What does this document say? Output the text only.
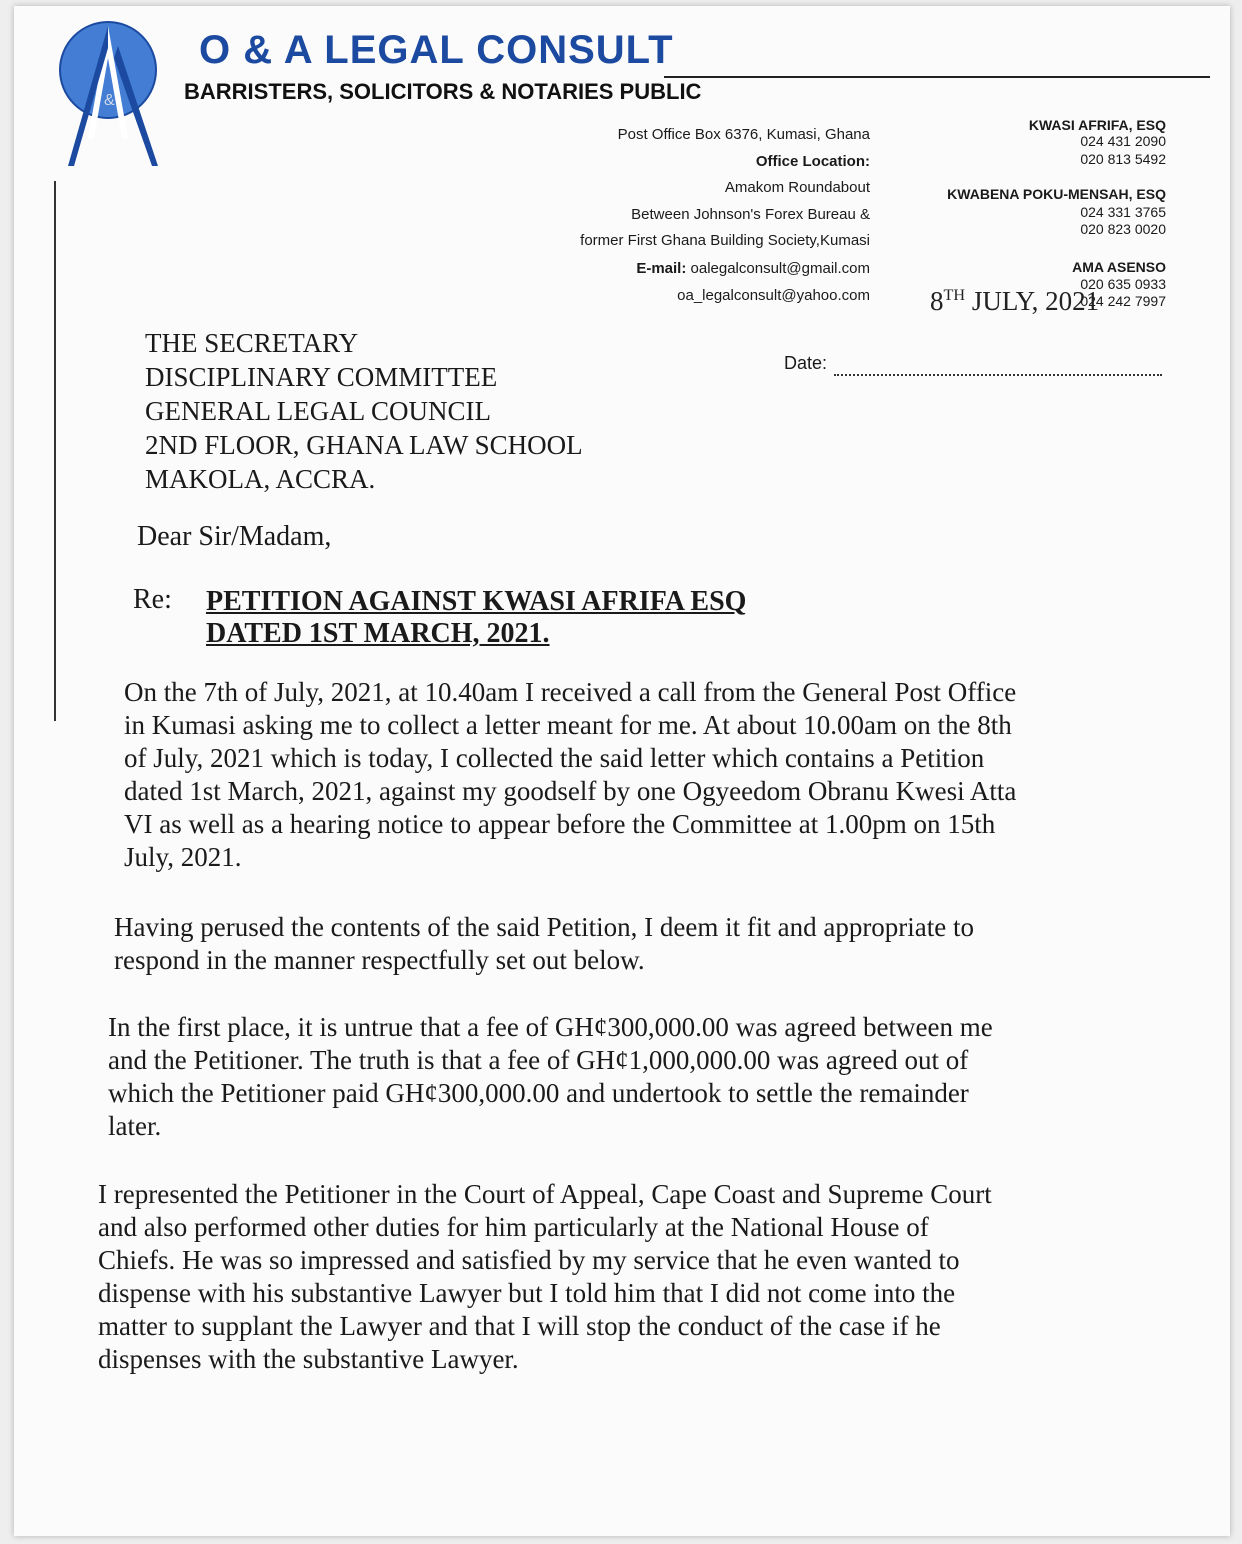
&
O & A LEGAL CONSULT
BARRISTERS, SOLICITORS & NOTARIES PUBLIC
Post Office Box 6376, Kumasi, Ghana
Office Location:
Amakom Roundabout
Between Johnson's Forex Bureau &
former First Ghana Building Society,Kumasi
E-mail: oalegalconsult@gmail.com
oa_legalconsult@yahoo.com
KWASI AFRIFA, ESQ
024 431 2090
020 813 5492
KWABENA POKU-MENSAH, ESQ
024 331 3765
020 823 0020
AMA ASENSO
020 635 0933
024 242 7997
8TH JULY, 2021
THE SECRETARY
DISCIPLINARY COMMITTEE
GENERAL LEGAL COUNCIL
2ND FLOOR, GHANA LAW SCHOOL
MAKOLA, ACCRA.
Date:
Dear Sir/Madam,
Re: PETITION AGAINST KWASI AFRIFA ESQ
DATED 1ST MARCH, 2021.
On the 7th of July, 2021, at 10.40am I received a call from the General Post Office
in Kumasi asking me to collect a letter meant for me. At about 10.00am on the 8th
of July, 2021 which is today, I collected the said letter which contains a Petition
dated 1st March, 2021, against my goodself by one Ogyeedom Obranu Kwesi Atta
VI as well as a hearing notice to appear before the Committee at 1.00pm on 15th
July, 2021.
Having perused the contents of the said Petition, I deem it fit and appropriate to
respond in the manner respectfully set out below.
In the first place, it is untrue that a fee of GH¢300,000.00 was agreed between me
and the Petitioner. The truth is that a fee of GH¢1,000,000.00 was agreed out of
which the Petitioner paid GH¢300,000.00 and undertook to settle the remainder
later.
I represented the Petitioner in the Court of Appeal, Cape Coast and Supreme Court
and also performed other duties for him particularly at the National House of
Chiefs. He was so impressed and satisfied by my service that he even wanted to
dispense with his substantive Lawyer but I told him that I did not come into the
matter to supplant the Lawyer and that I will stop the conduct of the case if he
dispenses with the substantive Lawyer.
